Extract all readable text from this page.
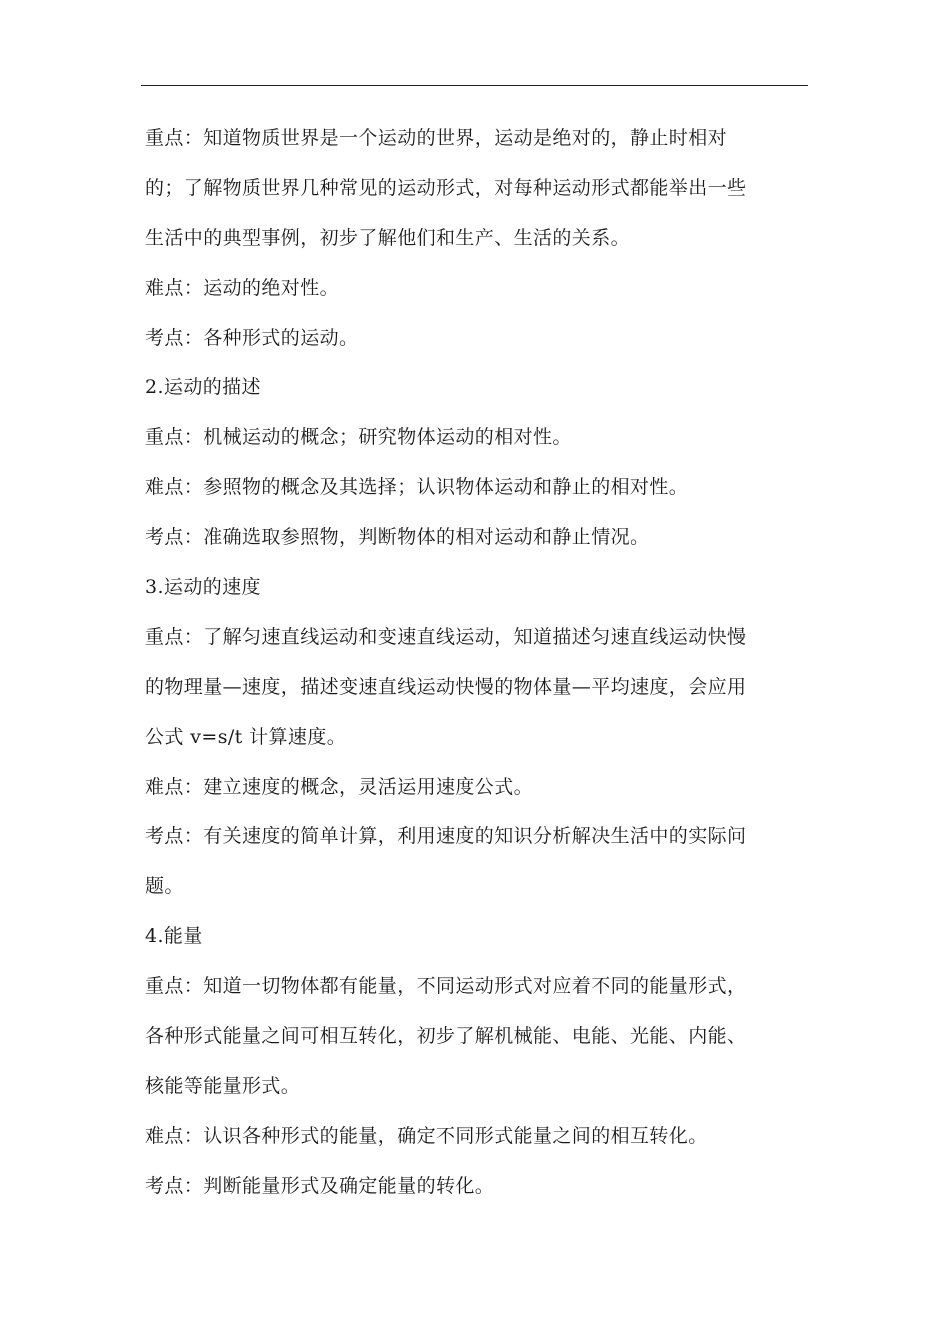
重点：知道物质世界是一个运动的世界，运动是绝对的，静止时相对
的；了解物质世界几种常见的运动形式，对每种运动形式都能举出一些
生活中的典型事例，初步了解他们和生产、生活的关系。
难点：运动的绝对性。
考点：各种形式的运动。
2.运动的描述
重点：机械运动的概念；研究物体运动的相对性。
难点：参照物的概念及其选择；认识物体运动和静止的相对性。
考点：准确选取参照物，判断物体的相对运动和静止情况。
3.运动的速度
重点：了解匀速直线运动和变速直线运动，知道描述匀速直线运动快慢
的物理量—速度，描述变速直线运动快慢的物体量—平均速度，会应用
公式 v=s/t 计算速度。
难点：建立速度的概念，灵活运用速度公式。
考点：有关速度的简单计算，利用速度的知识分析解决生活中的实际问
题。
4.能量
重点：知道一切物体都有能量，不同运动形式对应着不同的能量形式，
各种形式能量之间可相互转化，初步了解机械能、电能、光能、内能、
核能等能量形式。
难点：认识各种形式的能量，确定不同形式能量之间的相互转化。
考点：判断能量形式及确定能量的转化。
